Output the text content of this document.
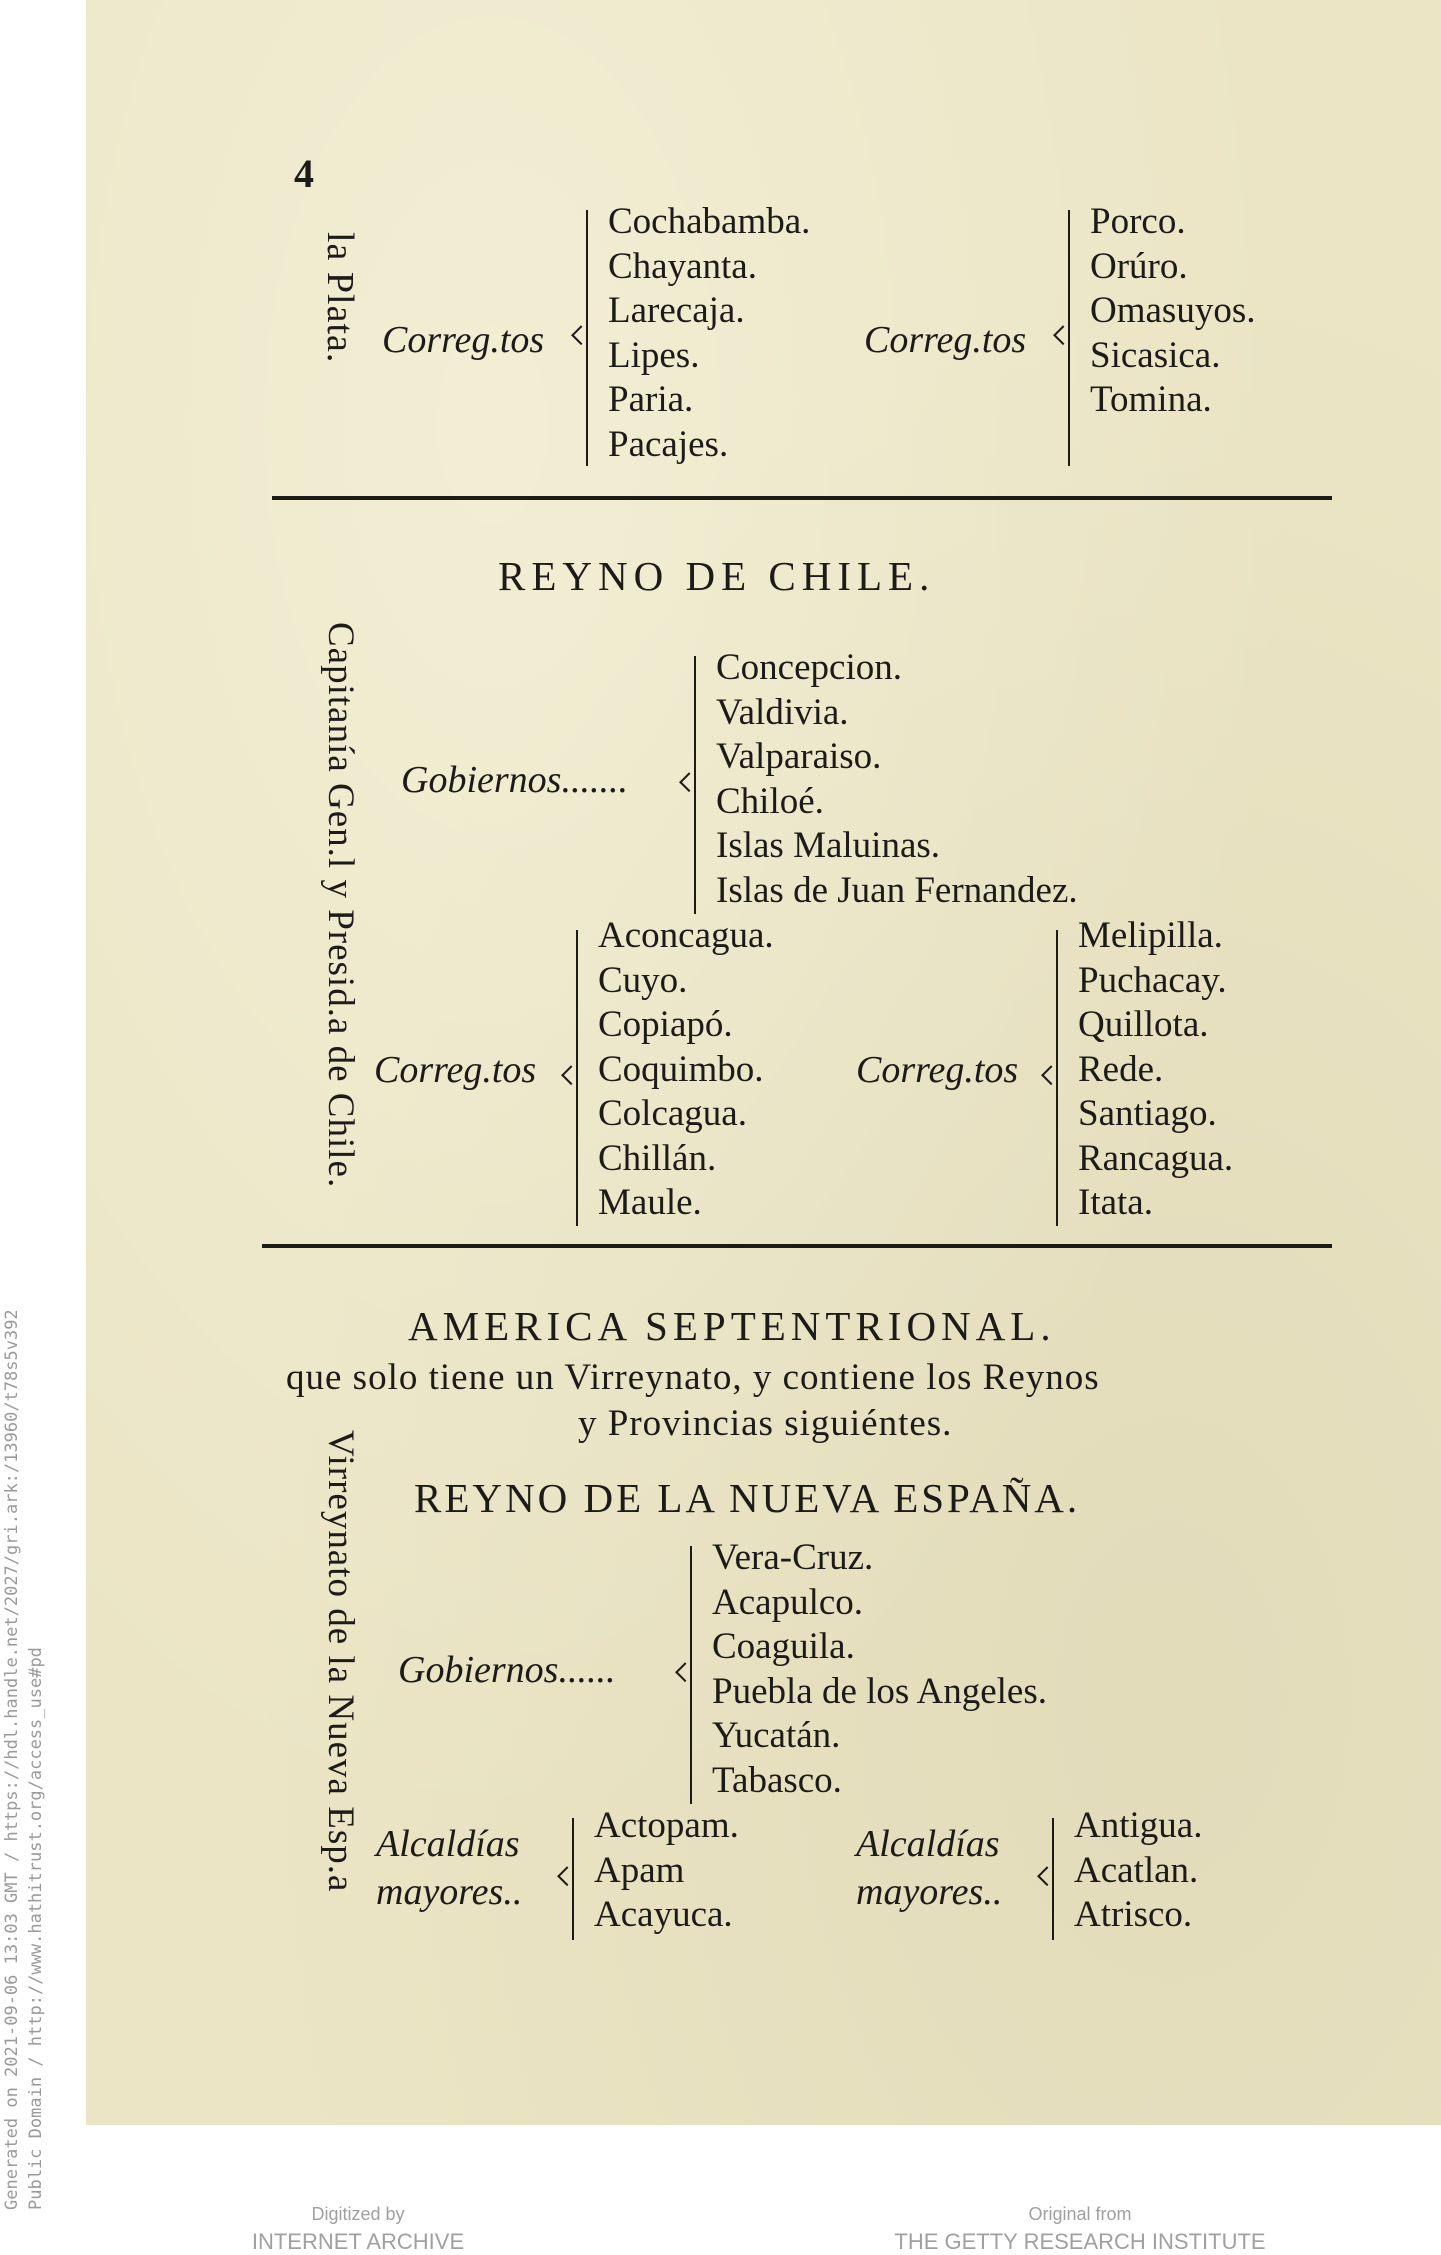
Generated on 2021-09-06 13:03 GMT / https://hdl.handle.net/2027/gri.ark:/13960/t78s5v392 Public Domain / http://www.hathitrust.org/access_use#pd
4
la Plata. Correg.tos
Cochabamba.
Chayanta.
Larecaja.
Lipes.
Paria.
Pacajes.
Correg.tos
Porco.
Orúro.
Omasuyos.
Sicasica.
Tomina.
REYNO DE CHILE.
Capitanía Gen.l y Presid.a de Chile. Gobiernos.......
Concepcion.
Valdivia.
Valparaiso.
Chiloé.
Islas Maluinas.
Islas de Juan Fernandez.
Correg.tos
Aconcagua.
Cuyo.
Copiapó.
Coquimbo.
Colcagua.
Chillán.
Maule.
Correg.tos
Melipilla.
Puchacay.
Quillota.
Rede.
Santiago.
Rancagua.
Itata.
AMERICA SEPTENTRIONAL.
que solo tiene un Virreynato, y contiene los Reynos
y Provincias siguiéntes.
REYNO DE LA NUEVA ESPAÑA.
Virreynato de la Nueva Esp.a Gobiernos......
Vera-Cruz.
Acapulco.
Coaguila.
Puebla de los Angeles.
Yucatán.
Tabasco.
Alcaldías
mayores..
Actopam.
Apam
Acayuca.
Alcaldías
mayores..
Antigua.
Acatlan.
Atrisco.
Digitized by
INTERNET ARCHIVE
Original from
THE GETTY RESEARCH INSTITUTE
